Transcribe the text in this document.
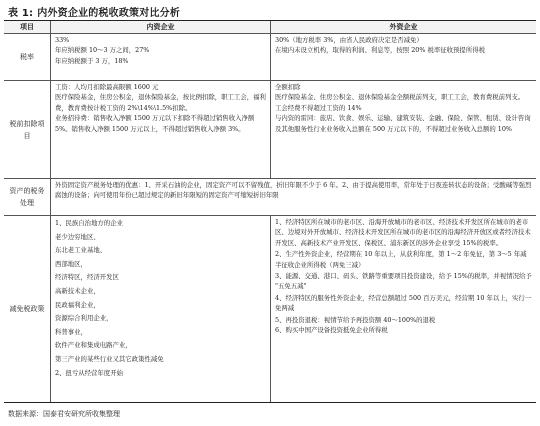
表 1: 内外资企业的税收政策对比分析
项目	内资企业	外资企业
税率
33%
年应纳税额 10～3 万之间，27%
年应纳税额于 3 万，18%
30%（地方税率 3%，由省人民政府决定是否减免）
在境内未设立机构，取得的利润、利息等，按照 20% 税率征收预提所得税
税前扣除项目
工资：人均月扣除最高限额 1600 元
医疗保险基金，住房公积金，退休保险基金，按比例扣除，职工工会，福利费，教育费按计税工资的 2%\14%\1.5%扣除。
业务招待费：销售收入净额 1500 万元以下扣除不得超过销售收入净额 5%。销售收入净额 1500 万元以上，不得超过销售收入净额 3%。
全额扣除
医疗保险基金、住房公积金、退休保险基金全额税前列支，职工工会，教育费税前列支。
工会经费不得超过工资的 14%
与内资的雷同：旅店、饮食、娱乐、运输、建筑安装、金融、保险、保管、租赁、设计咨询及其他服务性行业业务收入总额在 500 万元以下的，不得超过业务收入总额的 10%
资产的税务处理
外资固定资产税务处理的优惠：1、开采石油的企业，固定资产可以不留残值，折旧年限不少于 6 年。2、由于提高使用率，常年处于日夜连转状态的设备；受酸碱等强烈腐蚀的设备；向可使用年份已超过规定的新旧年限短的固定资产可缩短折旧年限
减免税政策
1、民族自治地方的企业
老少边穷地区、
东北老工业基地、
西部地区，
经济特区，经济开发区
高新技术企业，
民政福利企业，
资源综合利用企业，
科普事业，
软件产业和集成电路产业，
第三产业的某些行业又其它政策性减免
2、扭亏从经营年度开始
1、经济特区所在城市的老市区、沿海开放城市的老市区、经济技术开发区所在城市的老市区、边境对外开放城市、经济技术开发区所在城市的老市区的沿海经济开放区或者经济技术开发区、高新技术产业开发区、保税区、浦东新区的涉外企业享受 15%的税率。
2、生产性外资企业，经营期在 10 年以上，从获利年度，第 1～2 年免征，第 3～5 年减半征收企业所得税（两免三减）
3、能源、交通、港口、码头、铁路等重要项目投资建设，给予 15%的税率，并视情况给予 "五免五减"
4、经济特区的服务性外资企业，经营总额超过 500 百万美元，经营期 10 年以上，实行一免两减
5、再投资退税：视情节给予再投资额 40～100%的退税
6、购买中国产设备投资抵免企业所得税
数据来源：国泰君安研究所收集整理
